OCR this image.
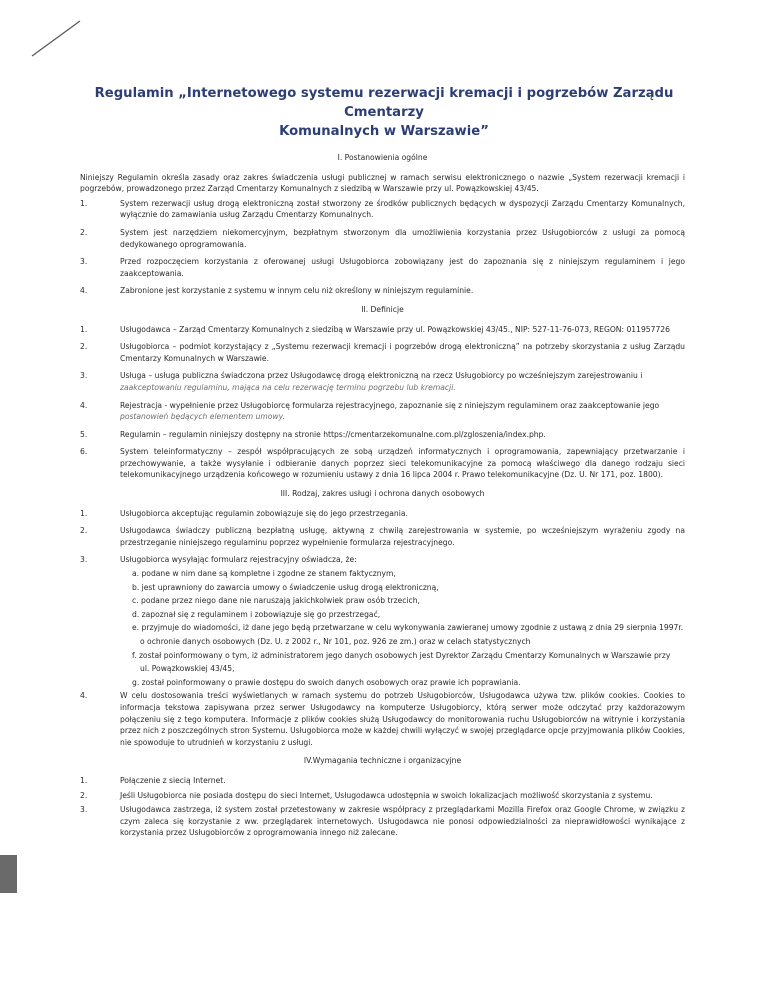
Regulamin „Internetowego systemu rezerwacji kremacji i pogrzebów Zarządu Cmentarzy
Komunalnych w Warszawie”
I. Postanowienia ogólne
Niniejszy Regulamin określa zasady oraz zakres świadczenia usługi publicznej w ramach serwisu elektronicznego o nazwie „System rezerwacji kremacji i pogrzebów, prowadzonego przez Zarząd Cmentarzy Komunalnych z siedzibą w Warszawie przy ul. Powązkowskiej 43/45.
1.	System rezerwacji usług drogą elektroniczną został stworzony ze środków publicznych będących w dyspozycji Zarządu Cmentarzy Komunalnych, wyłącznie do zamawiania usług Zarządu Cmentarzy Komunalnych.
2.	System jest narzędziem niekomercyjnym, bezpłatnym stworzonym dla umożliwienia korzystania przez Usługobiorców z usługi za pomocą dedykowanego oprogramowania.
3.	Przed rozpoczęciem korzystania z oferowanej usługi Usługobiorca zobowiązany jest do zapoznania się z niniejszym regulaminem i jego zaakceptowania.
4.	Zabronione jest korzystanie z systemu w innym celu niż określony w niniejszym regulaminie.
II. Definicje
1.	Usługodawca – Zarząd Cmentarzy Komunalnych z siedzibą w Warszawie przy ul. Powązkowskiej 43/45., NIP: 527-11-76-073, REGON: 011957726
2.	Usługobiorca – podmiot korzystający z „Systemu rezerwacji kremacji i pogrzebów drogą elektroniczną” na potrzeby skorzystania z usług Zarządu Cmentarzy Komunalnych w Warszawie.
3.	Usługa – usługa publiczna świadczona przez Usługodawcę drogą elektroniczną na rzecz Usługobiorcy po wcześniejszym zarejestrowaniu i
zaakceptowaniu regulaminu, mająca na celu rezerwację terminu pogrzebu lub kremacji.
4.	Rejestracja - wypełnienie przez Usługobiorcę formularza rejestracyjnego, zapoznanie się z niniejszym regulaminem oraz zaakceptowanie jego
postanowień będących elementem umowy.
5.	Regulamin – regulamin niniejszy dostępny na stronie https://cmentarzekomunalne.com.pl/zgloszenia/index.php.
6.	System teleinformatyczny – zespół współpracujących ze sobą urządzeń informatycznych i oprogramowania, zapewniający przetwarzanie i przechowywanie, a także wysyłanie i odbieranie danych poprzez sieci telekomunikacyjne za pomocą właściwego dla danego rodzaju sieci telekomunikacyjnego urządzenia końcowego w rozumieniu ustawy z dnia 16 lipca 2004 r. Prawo telekomunikacyjne (Dz. U. Nr 171, poz. 1800).
III. Rodzaj, zakres usługi i ochrona danych osobowych
1.	Usługobiorca akceptując regulamin zobowiązuje się do jego przestrzegania.
2.	Usługodawca świadczy publiczną bezpłatną usługę, aktywną z chwilą zarejestrowania w systemie, po wcześniejszym wyrażeniu zgody na przestrzeganie niniejszego regulaminu poprzez wypełnienie formularza rejestracyjnego.
3.	Usługobiorca wysyłając formularz rejestracyjny oświadcza, że:
a. podane w nim dane są kompletne i zgodne ze stanem faktycznym,
b. jest uprawniony do zawarcia umowy o świadczenie usług drogą elektroniczną,
c. podane przez niego dane nie naruszają jakichkolwiek praw osób trzecich,
d. zapoznał się z regulaminem i zobowiązuje się go przestrzegać,
e. przyjmuje do wiadomości, iż dane jego będą przetwarzane w celu wykonywania zawieranej umowy zgodnie z ustawą z dnia 29 sierpnia 1997r.
o ochronie danych osobowych (Dz. U. z 2002 r., Nr 101, poz. 926 ze zm.) oraz w celach statystycznych
f. został poinformowany o tym, iż administratorem jego danych osobowych jest Dyrektor Zarządu Cmentarzy Komunalnych w Warszawie przy
ul. Powązkowskiej 43/45,
g. został poinformowany o prawie dostępu do swoich danych osobowych oraz prawie ich poprawiania.
4.	W celu dostosowania treści wyświetlanych w ramach systemu do potrzeb Usługobiorców, Usługodawca używa tzw. plików cookies. Cookies to informacja tekstowa zapisywana przez serwer Usługodawcy na komputerze Usługobiorcy, którą serwer może odczytać przy każdorazowym połączeniu się z tego komputera. Informacje z plików cookies służą Usługodawcy do monitorowania ruchu Usługobiorców na witrynie i korzystania przez nich z poszczególnych stron Systemu. Usługobiorca może w każdej chwili wyłączyć w swojej przeglądarce opcje przyjmowania plików Cookies, nie spowoduje to utrudnień w korzystaniu z usługi.
IV.Wymagania techniczne i organizacyjne
1.	Połączenie z siecią Internet.
2.	Jeśli Usługobiorca nie posiada dostępu do sieci Internet, Usługodawca udostępnia w swoich lokalizacjach możliwość skorzystania z systemu.
3.	Usługodawca zastrzega, iż system został przetestowany w zakresie współpracy z przeglądarkami Mozilla Firefox oraz Google Chrome, w związku z czym zaleca się korzystanie z ww. przeglądarek internetowych. Usługodawca nie ponosi odpowiedzialności za nieprawidłowości wynikające z korzystania przez Usługobiorców z oprogramowania innego niż zalecane.
